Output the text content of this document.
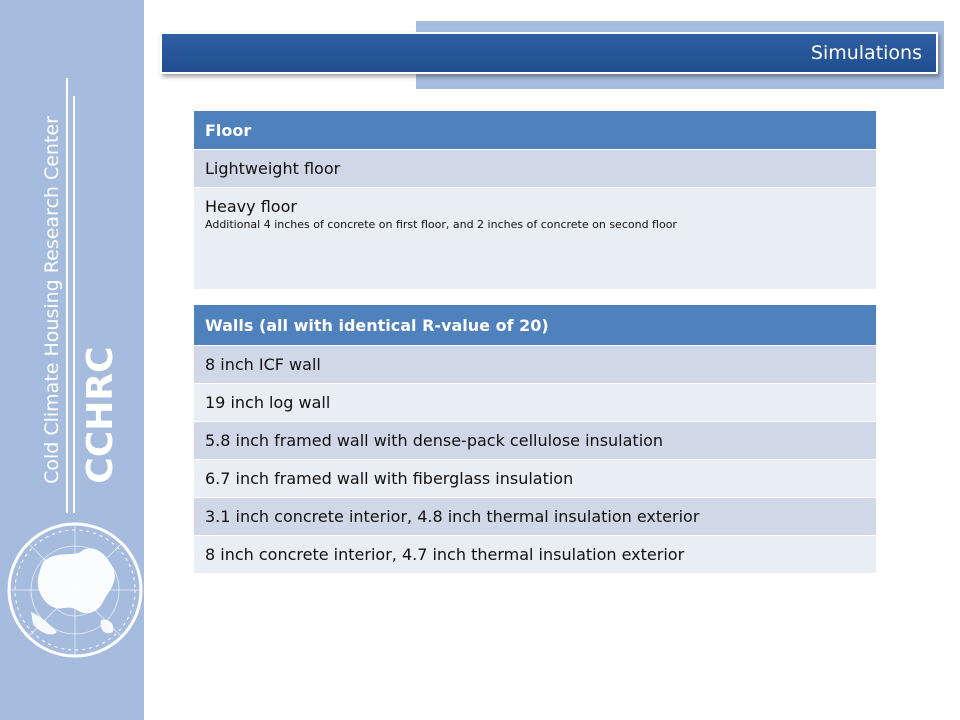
Cold Climate Housing Research Center CCHRC
Simulations
Floor
Lightweight floor

Heavy floor
Additional 4 inches of concrete on first floor, and 2 inches of concrete on second floor
Walls (all with identical R-value of 20)
8 inch ICF wall
19 inch log wall
5.8 inch framed wall with dense-pack cellulose insulation
6.7 inch framed wall with fiberglass insulation
3.1 inch concrete interior, 4.8 inch thermal insulation exterior
8 inch concrete interior, 4.7 inch thermal insulation exterior
